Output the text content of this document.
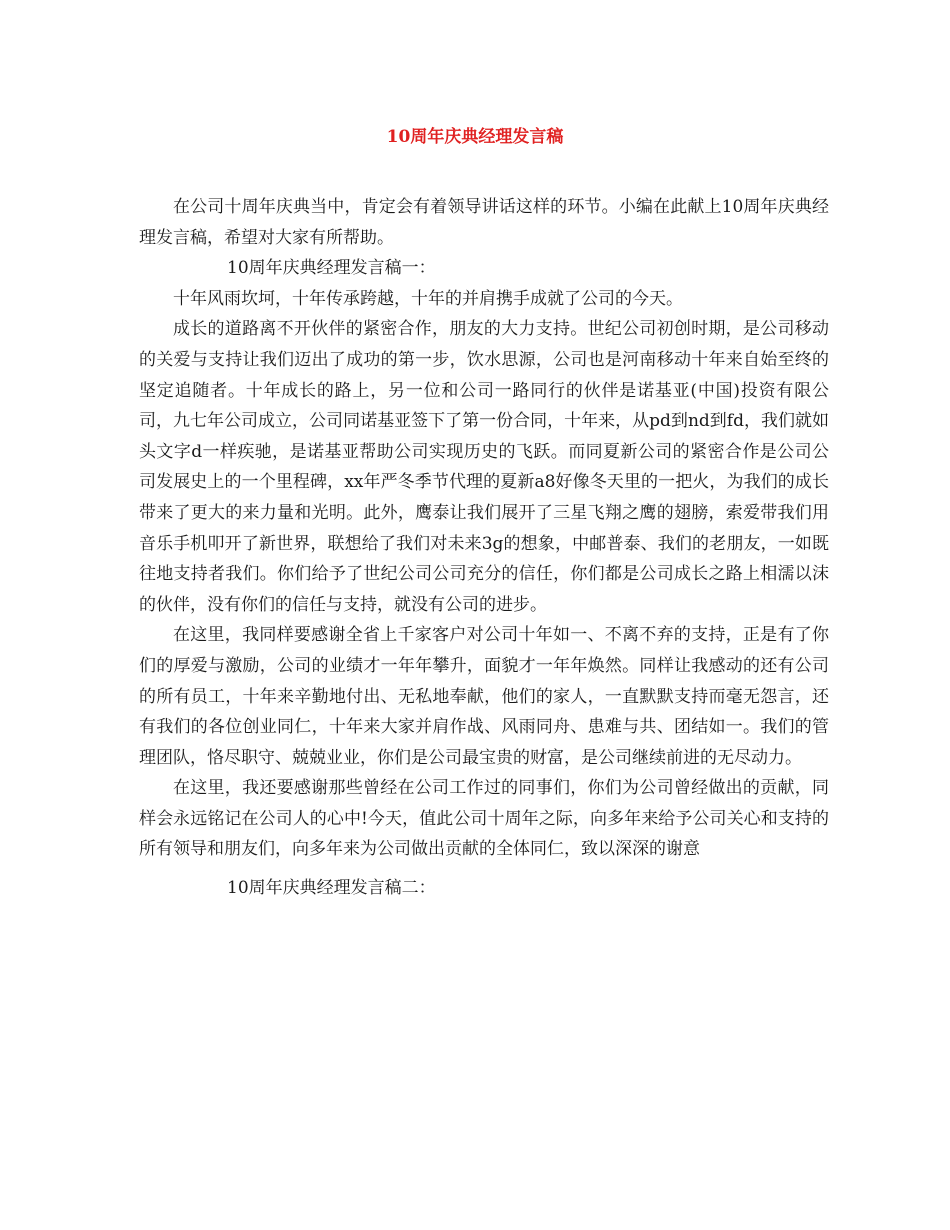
10周年庆典经理发言稿

在公司十周年庆典当中，肯定会有着领导讲话这样的环节。小编在此献上10周年庆典经理发言稿，希望对大家有所帮助。

10周年庆典经理发言稿一：

十年风雨坎坷，十年传承跨越，十年的并肩携手成就了公司的今天。

成长的道路离不开伙伴的紧密合作，朋友的大力支持。世纪公司初创时期，是公司移动的关爱与支持让我们迈出了成功的第一步，饮水思源，公司也是河南移动十年来自始至终的坚定追随者。十年成长的路上，另一位和公司一路同行的伙伴是诺基亚(中国)投资有限公司，九七年公司成立，公司同诺基亚签下了第一份合同，十年来，从pd到nd到fd，我们就如头文字d一样疾驰，是诺基亚帮助公司实现历史的飞跃。而同夏新公司的紧密合作是公司公司发展史上的一个里程碑，xx年严冬季节代理的夏新a8好像冬天里的一把火，为我们的成长带来了更大的来力量和光明。此外，鹰泰让我们展开了三星飞翔之鹰的翅膀，索爱带我们用音乐手机叩开了新世界，联想给了我们对未来3g的想象，中邮普泰、我们的老朋友，一如既往地支持者我们。你们给予了世纪公司公司充分的信任，你们都是公司成长之路上相濡以沫的伙伴，没有你们的信任与支持，就没有公司的进步。

在这里，我同样要感谢全省上千家客户对公司十年如一、不离不弃的支持，正是有了你们的厚爱与激励，公司的业绩才一年年攀升，面貌才一年年焕然。同样让我感动的还有公司的所有员工，十年来辛勤地付出、无私地奉献，他们的家人，一直默默支持而毫无怨言，还有我们的各位创业同仁，十年来大家并肩作战、风雨同舟、患难与共、团结如一。我们的管理团队，恪尽职守、兢兢业业，你们是公司最宝贵的财富，是公司继续前进的无尽动力。

在这里，我还要感谢那些曾经在公司工作过的同事们，你们为公司曾经做出的贡献，同样会永远铭记在公司人的心中!今天，值此公司十周年之际，向多年来给予公司关心和支持的所有领导和朋友们，向多年来为公司做出贡献的全体同仁，致以深深的谢意

10周年庆典经理发言稿二：
